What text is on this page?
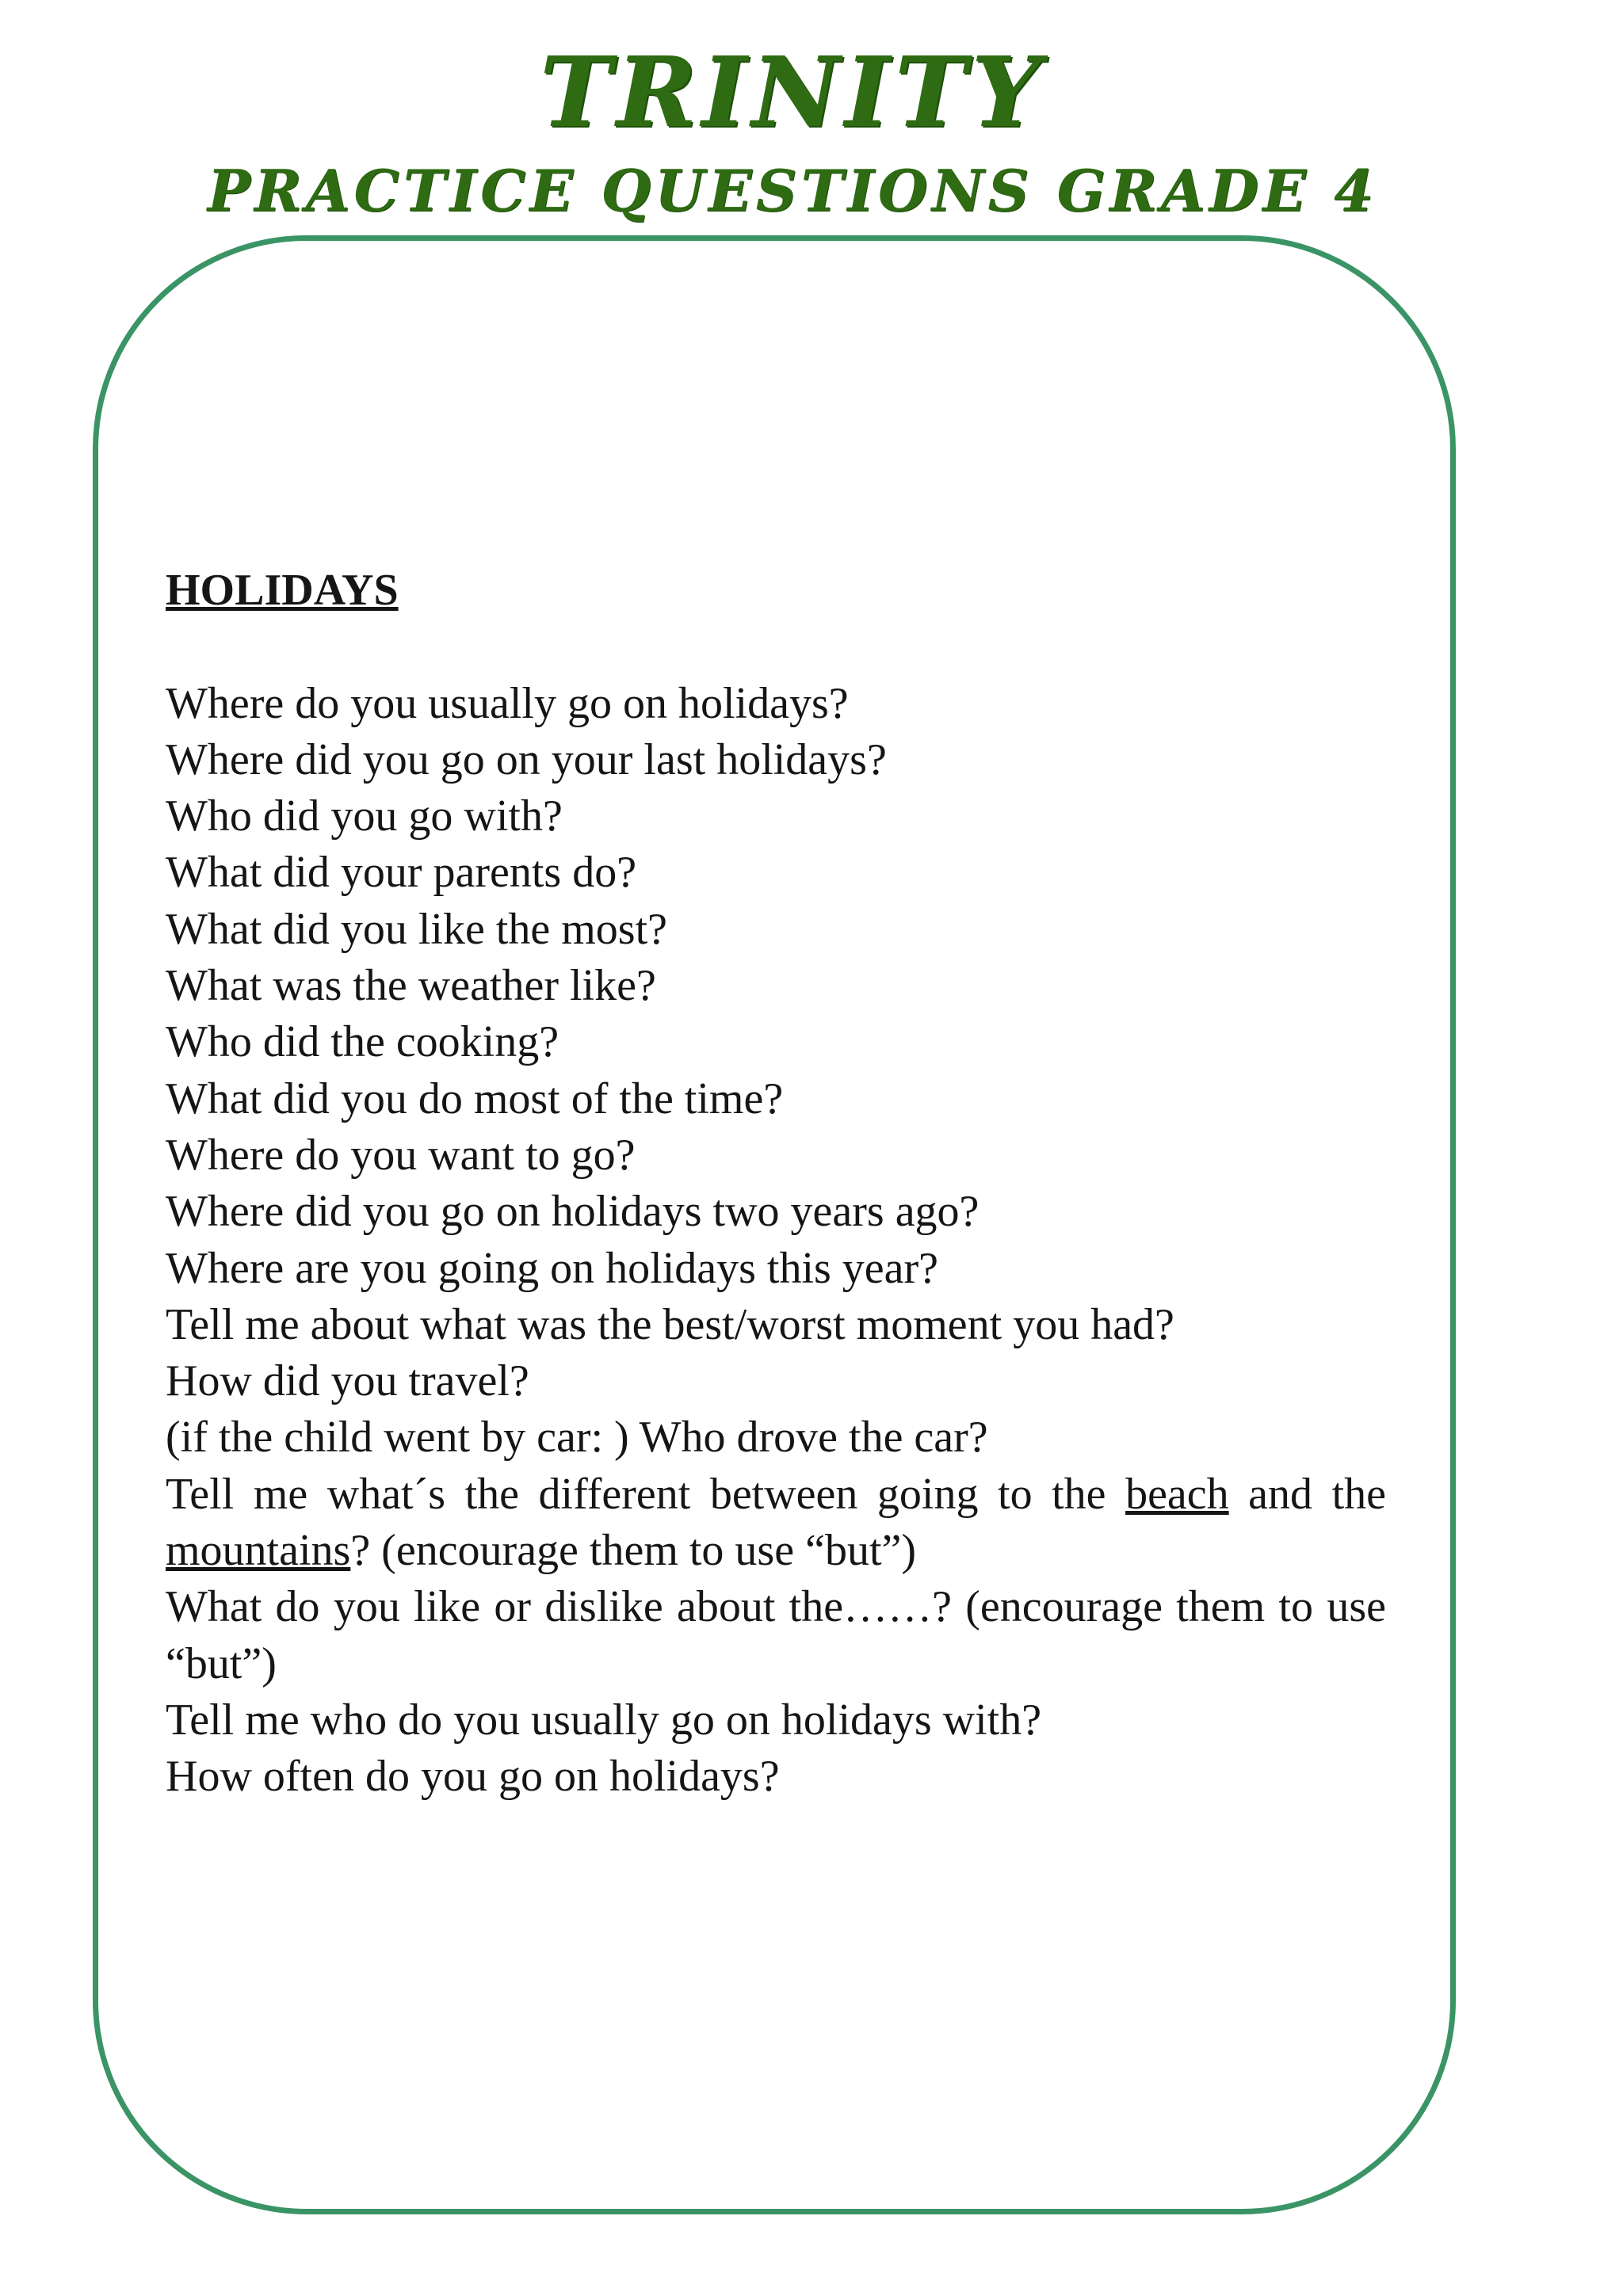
TRINITY
PRACTICE QUESTIONS GRADE 4

HOLIDAYS

Where do you usually go on holidays?

Where did you go on your last holidays?

Who did you go with?

What did your parents do?

What did you like the most?

What was the weather like?

Who did the cooking?

What did you do most of the time?

Where do you want to go?

Where did you go on holidays two years ago?

Where are you going on holidays this year?

Tell me about what was the best/worst moment you had?

How did you travel?

(if the child went by car: ) Who drove the car?

Tell me what´s the different between going to the beach and the mountains? (encourage them to use “but”)

What do you like or dislike about the……? (encourage them to use “but”)

Tell me who do you usually go on holidays with?

How often do you go on holidays?
